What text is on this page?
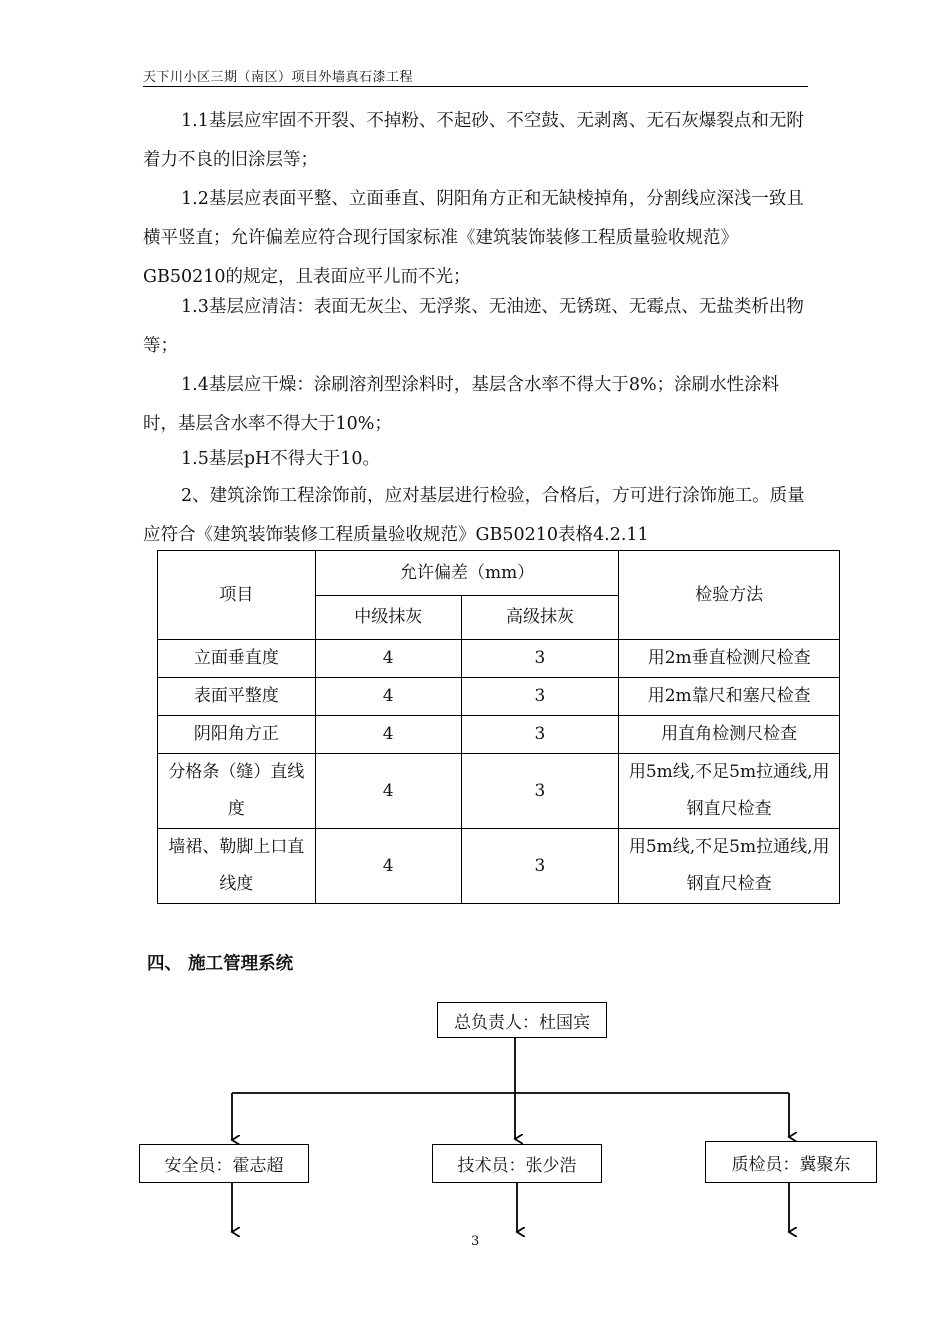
天下川小区三期（南区）项目外墙真石漆工程
1.1基层应牢固不开裂、不掉粉、不起砂、不空鼓、无剥离、无石灰爆裂点和无附着力不良的旧涂层等；
1.2基层应表面平整、立面垂直、阴阳角方正和无缺棱掉角，分割线应深浅一致且横平竖直；允许偏差应符合现行国家标准《建筑装饰装修工程质量验收规范》GB50210的规定，且表面应平儿而不光；
1.3基层应清洁：表面无灰尘、无浮浆、无油迹、无锈斑、无霉点、无盐类析出物等；
1.4基层应干燥：涂刷溶剂型涂料时，基层含水率不得大于8%；涂刷水性涂料时，基层含水率不得大于10%；
1.5基层pH不得大于10。
2、建筑涂饰工程涂饰前，应对基层进行检验，合格后，方可进行涂饰施工。质量应符合《建筑装饰装修工程质量验收规范》GB50210表格4.2.11
项目	允许偏差（mm）		检验方法
	中级抹灰	高级抹灰	
立面垂直度	4	3	用2m垂直检测尺检查
表面平整度	4	3	用2m靠尺和塞尺检查
阴阳角方正	4	3	用直角检测尺检查
分格条（缝）直线度	4	3	用5m线,不足5m拉通线,用钢直尺检查
墙裙、勒脚上口直线度	4	3	用5m线,不足5m拉通线,用钢直尺检查
四、 施工管理系统
总负责人：杜国宾
安全员：霍志超	技术员：张少浩	质检员：冀聚东
3
